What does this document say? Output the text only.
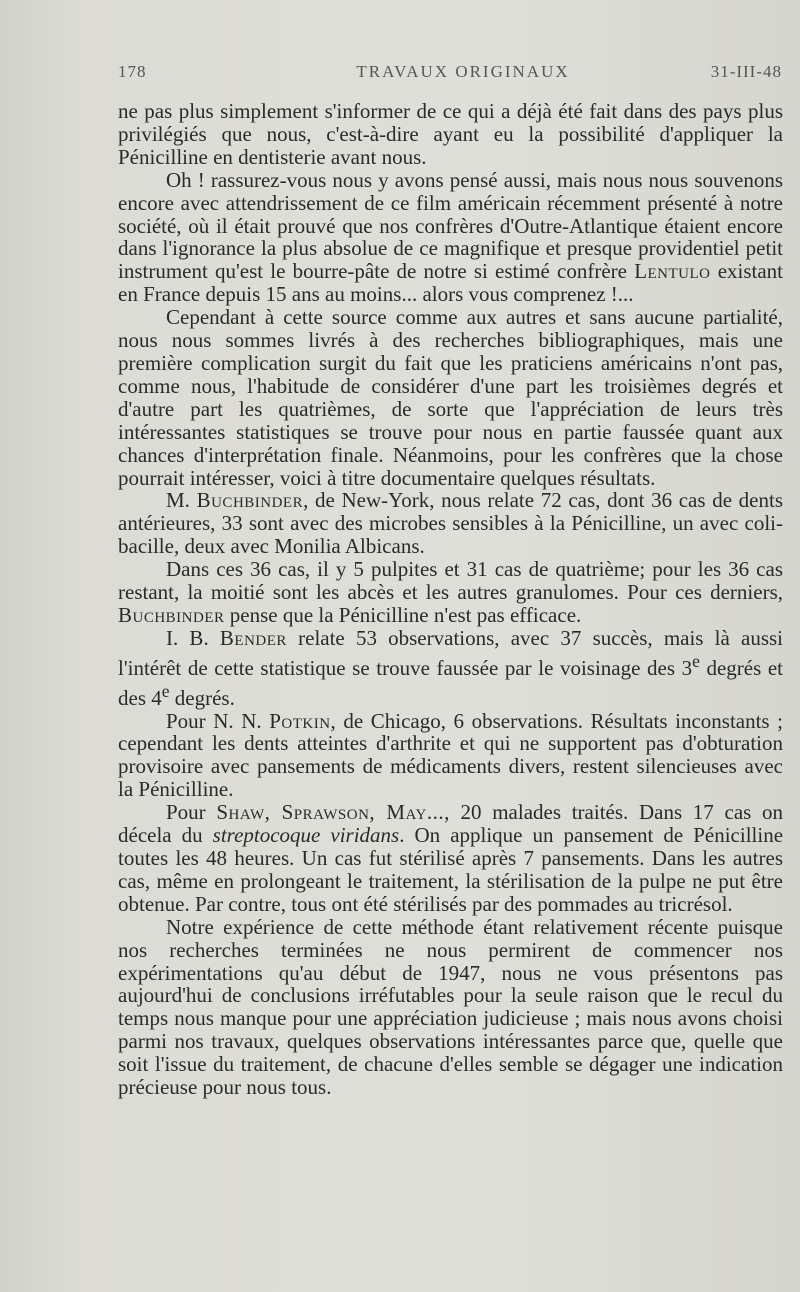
178	TRAVAUX ORIGINAUX	31-III-48

ne pas plus simplement s'informer de ce qui a déjà été fait dans des pays plus privilégiés que nous, c'est-à-dire ayant eu la possibilité d'appliquer la Pénicilline en dentisterie avant nous.

Oh ! rassurez-vous nous y avons pensé aussi, mais nous nous souvenons encore avec attendrissement de ce film américain récemment présenté à notre société, où il était prouvé que nos confrères d'Outre-Atlantique étaient encore dans l'ignorance la plus absolue de ce magnifique et presque providentiel petit instrument qu'est le bourre-pâte de notre si estimé confrère Lentulo existant en France depuis 15 ans au moins... alors vous comprenez !...

Cependant à cette source comme aux autres et sans aucune partialité, nous nous sommes livrés à des recherches bibliographiques, mais une première complication surgit du fait que les praticiens américains n'ont pas, comme nous, l'habitude de considérer d'une part les troisièmes degrés et d'autre part les quatrièmes, de sorte que l'appréciation de leurs très intéressantes statistiques se trouve pour nous en partie faussée quant aux chances d'interprétation finale. Néanmoins, pour les confrères que la chose pourrait intéresser, voici à titre documentaire quelques résultats.

M. Buchbinder, de New-York, nous relate 72 cas, dont 36 cas de dents antérieures, 33 sont avec des microbes sensibles à la Pénicilline, un avec coli-bacille, deux avec Monilia Albicans.

Dans ces 36 cas, il y 5 pulpites et 31 cas de quatrième; pour les 36 cas restant, la moitié sont les abcès et les autres granulomes. Pour ces derniers, Buchbinder pense que la Pénicilline n'est pas efficace.

I. B. Bender relate 53 observations, avec 37 succès, mais là aussi l'intérêt de cette statistique se trouve faussée par le voisinage des 3e degrés et des 4e degrés.

Pour N. N. Potkin, de Chicago, 6 observations. Résultats inconstants ; cependant les dents atteintes d'arthrite et qui ne supportent pas d'obturation provisoire avec pansements de médicaments divers, restent silencieuses avec la Pénicilline.

Pour Shaw, Sprawson, May..., 20 malades traités. Dans 17 cas on décela du streptocoque viridans. On applique un pansement de Pénicilline toutes les 48 heures. Un cas fut stérilisé après 7 pansements. Dans les autres cas, même en prolongeant le traitement, la stérilisation de la pulpe ne put être obtenue. Par contre, tous ont été stérilisés par des pommades au tricrésol.

Notre expérience de cette méthode étant relativement récente puisque nos recherches terminées ne nous permirent de commencer nos expérimentations qu'au début de 1947, nous ne vous présentons pas aujourd'hui de conclusions irréfutables pour la seule raison que le recul du temps nous manque pour une appréciation judicieuse ; mais nous avons choisi parmi nos travaux, quelques observations intéressantes parce que, quelle que soit l'issue du traitement, de chacune d'elles semble se dégager une indication précieuse pour nous tous.
